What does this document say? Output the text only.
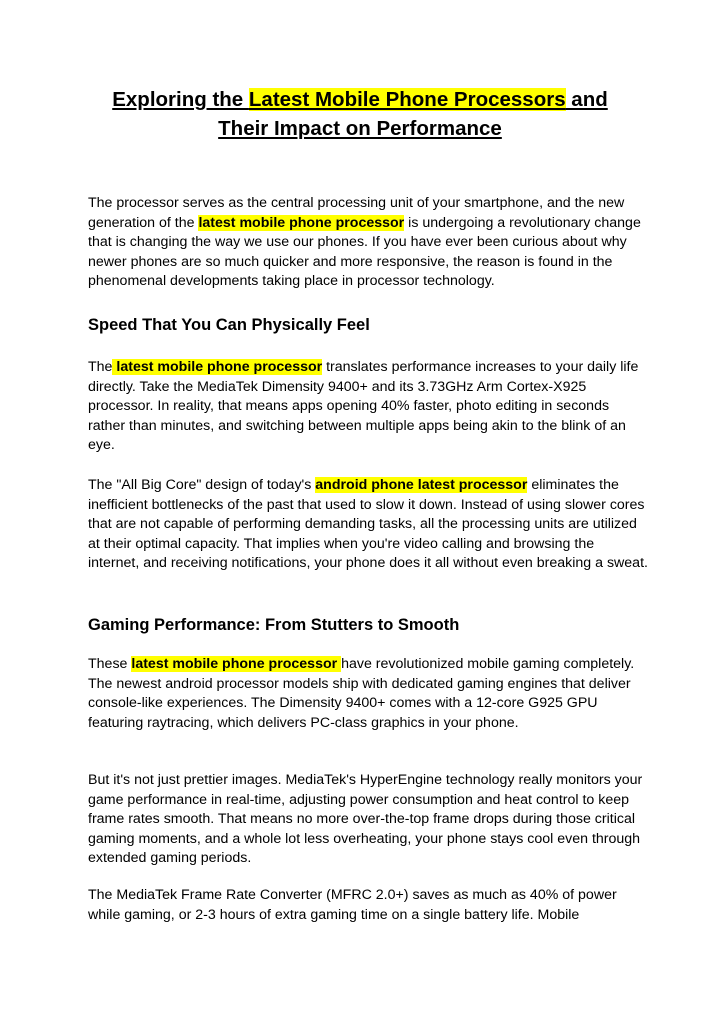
Exploring the Latest Mobile Phone Processors and
Their Impact on Performance

The processor serves as the central processing unit of your smartphone, and the new generation of the latest mobile phone processor is undergoing a revolutionary change that is changing the way we use our phones. If you have ever been curious about why newer phones are so much quicker and more responsive, the reason is found in the phenomenal developments taking place in processor technology.

Speed That You Can Physically Feel

The latest mobile phone processor translates performance increases to your daily life directly. Take the MediaTek Dimensity 9400+ and its 3.73GHz Arm Cortex-X925 processor. In reality, that means apps opening 40% faster, photo editing in seconds rather than minutes, and switching between multiple apps being akin to the blink of an eye.

The "All Big Core" design of today's android phone latest processor eliminates the inefficient bottlenecks of the past that used to slow it down. Instead of using slower cores that are not capable of performing demanding tasks, all the processing units are utilized at their optimal capacity. That implies when you're video calling and browsing the internet, and receiving notifications, your phone does it all without even breaking a sweat.

Gaming Performance: From Stutters to Smooth

These latest mobile phone processor have revolutionized mobile gaming completely. The newest android processor models ship with dedicated gaming engines that deliver console-like experiences. The Dimensity 9400+ comes with a 12-core G925 GPU featuring raytracing, which delivers PC-class graphics in your phone.

But it's not just prettier images. MediaTek's HyperEngine technology really monitors your game performance in real-time, adjusting power consumption and heat control to keep frame rates smooth. That means no more over-the-top frame drops during those critical gaming moments, and a whole lot less overheating, your phone stays cool even through extended gaming periods.

The MediaTek Frame Rate Converter (MFRC 2.0+) saves as much as 40% of power while gaming, or 2-3 hours of extra gaming time on a single battery life. Mobile
